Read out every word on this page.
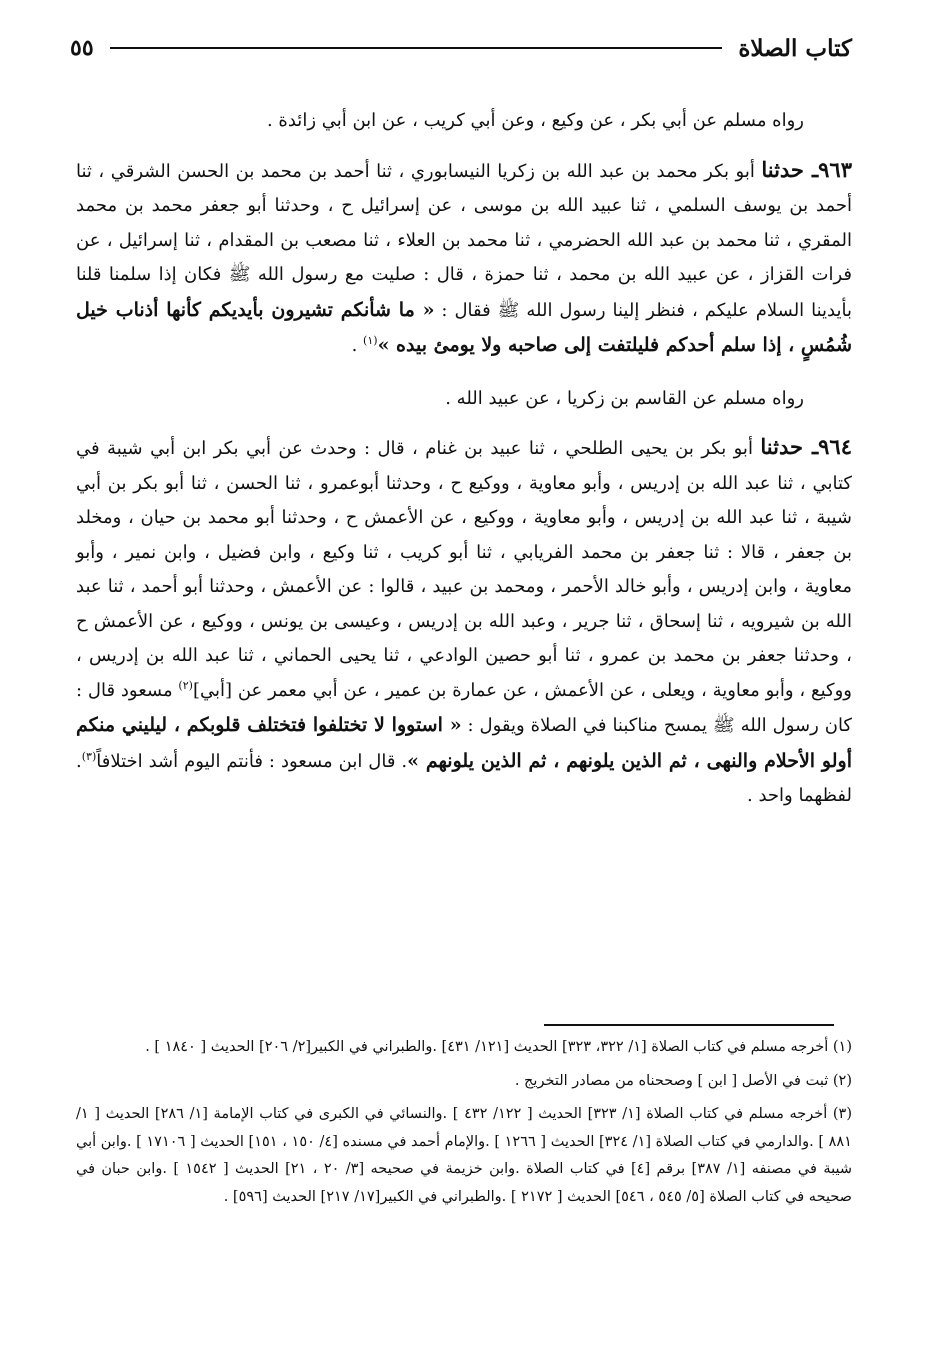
كتاب الصلاة
٥٥

رواه مسلم عن أبي بكر ، عن وكيع ، وعن أبي كريب ، عن ابن أبي زائدة .

٩٦٣ـ حدثنا أبو بكر محمد بن عبد الله بن زكريا النيسابوري ، ثنا أحمد بن محمد بن الحسن الشرقي ، ثنا أحمد بن يوسف السلمي ، ثنا عبيد الله بن موسى ، عن إسرائيل ح ، وحدثنا أبو جعفر محمد بن محمد المقري ، ثنا محمد بن عبد الله الحضرمي ، ثنا محمد بن العلاء ، ثنا مصعب بن المقدام ، ثنا إسرائيل ، عن فرات القزاز ، عن عبيد الله بن محمد ، ثنا حمزة ، قال : صليت مع رسول الله ﷺ فكان إذا سلمنا قلنا بأيدينا السلام عليكم ، فنظر إلينا رسول الله ﷺ فقال : « ما شأنكم تشيرون بأيديكم كأنها أذناب خيل شُمُسٍ ، إذا سلم أحدكم فليلتفت إلى صاحبه ولا يومئ بيده »$^{(١)}$ .

رواه مسلم عن القاسم بن زكريا ، عن عبيد الله .

٩٦٤ـ حدثنا أبو بكر بن يحيى الطلحي ، ثنا عبيد بن غنام ، قال : وحدث عن أبي بكر ابن أبي شيبة في كتابي ، ثنا عبد الله بن إدريس ، وأبو معاوية ، ووكيع ح ، وحدثنا أبوعمرو ، ثنا الحسن ، ثنا أبو بكر بن أبي شيبة ، ثنا عبد الله بن إدريس ، وأبو معاوية ، ووكيع ، عن الأعمش ح ، وحدثنا أبو محمد بن حيان ، ومخلد بن جعفر ، قالا : ثنا جعفر بن محمد الفريابي ، ثنا أبو كريب ، ثنا وكيع ، وابن فضيل ، وابن نمير ، وأبو معاوية ، وابن إدريس ، وأبو خالد الأحمر ، ومحمد بن عبيد ، قالوا : عن الأعمش ، وحدثنا أبو أحمد ، ثنا عبد الله بن شيرويه ، ثنا إسحاق ، ثنا جرير ، وعبد الله بن إدريس ، وعيسى بن يونس ، ووكيع ، عن الأعمش ح ، وحدثنا جعفر بن محمد بن عمرو ، ثنا أبو حصين الوادعي ، ثنا يحيى الحماني ، ثنا عبد الله بن إدريس ، ووكيع ، وأبو معاوية ، ويعلى ، عن الأعمش ، عن عمارة بن عمير ، عن أبي معمر عن [أبي]$^{(٢)}$ مسعود قال : كان رسول الله ﷺ يمسح مناكبنا في الصلاة ويقول : « استووا لا تختلفوا فتختلف قلوبكم ، ليليني منكم أولو الأحلام والنهى ، ثم الذين يلونهم ، ثم الذين يلونهم ». قال ابن مسعود : فأنتم اليوم أشد اختلافاً$^{(٣)}$. لفظهما واحد .

(١) أخرجه مسلم في كتاب الصلاة [١/ ٣٢٢، ٣٢٣] الحديث [١٢١/ ٤٣١] .والطبراني في الكبير[٢/ ٢٠٦] الحديث [ ١٨٤٠ ] .

(٢) ثبت في الأصل [ ابن ] وصححناه من مصادر التخريج .

(٣) أخرجه مسلم في كتاب الصلاة [١/ ٣٢٣] الحديث [ ١٢٢/ ٤٣٢ ] .والنسائي في الكبرى في كتاب الإمامة [١/ ٢٨٦] الحديث [ ١/ ٨٨١ ] .والدارمي في كتاب الصلاة [١/ ٣٢٤] الحديث [ ١٢٦٦ ] .والإمام أحمد في مسنده [٤/ ١٥٠ ، ١٥١] الحديث [ ١٧١٠٦ ] .وابن أبي شيبة في مصنفه [١/ ٣٨٧] برقم [٤] في كتاب الصلاة .وابن خزيمة في صحيحه [٣/ ٢٠ ، ٢١] الحديث [ ١٥٤٢ ] .وابن حبان في صحيحه في كتاب الصلاة [٥/ ٥٤٥ ، ٥٤٦] الحديث [ ٢١٧٢ ] .والطبراني في الكبير[١٧/ ٢١٧] الحديث [٥٩٦] .
